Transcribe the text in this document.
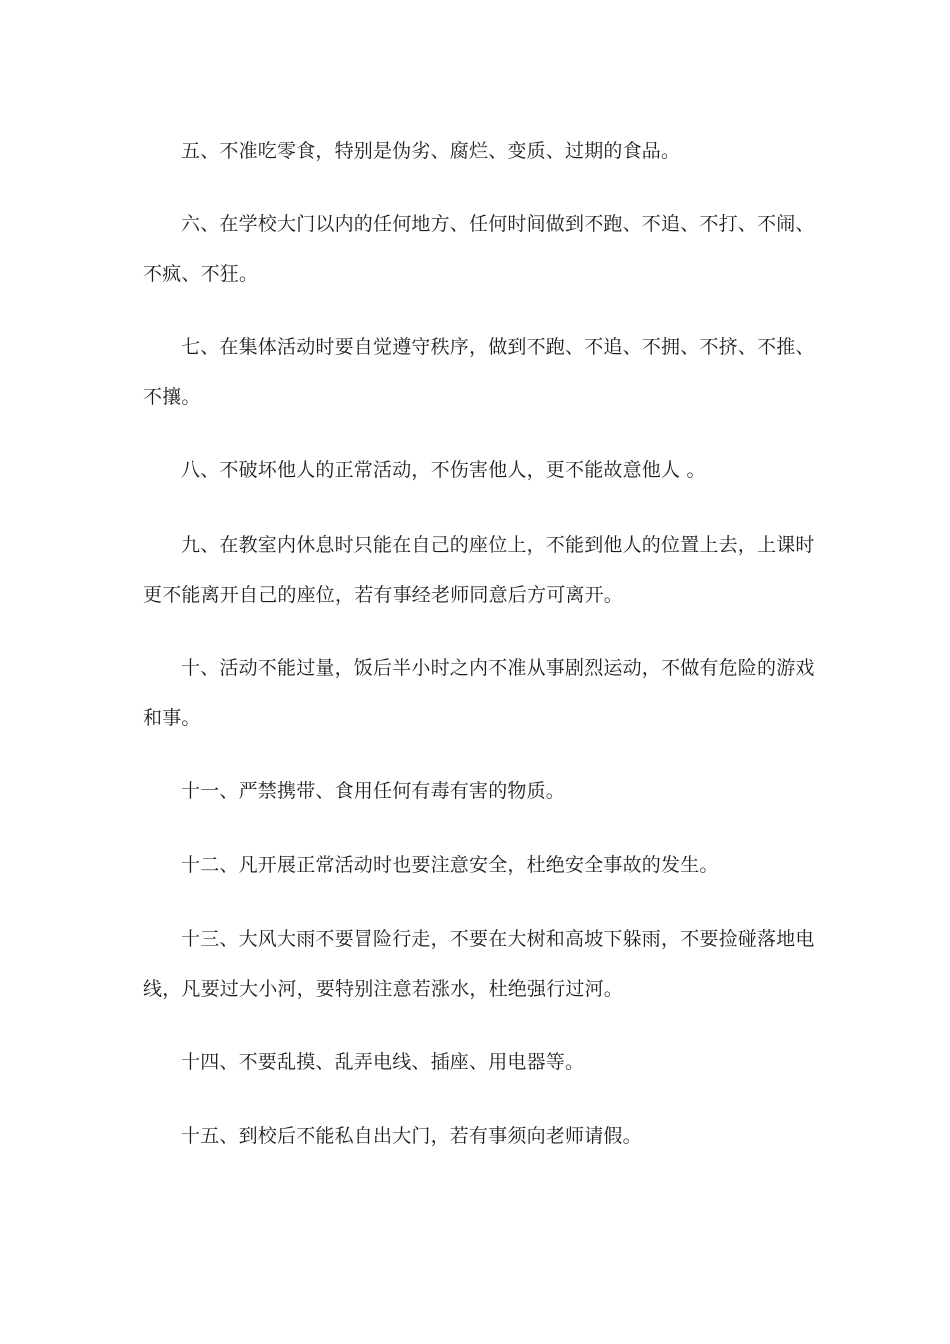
五、不准吃零食，特别是伪劣、腐烂、变质、过期的食品。

六、在学校大门以内的任何地方、任何时间做到不跑、不追、不打、不闹、不疯、不狂。

七、在集体活动时要自觉遵守秩序，做到不跑、不追、不拥、不挤、不推、不攘。

八、不破坏他人的正常活动，不伤害他人，更不能故意他人 。

九、在教室内休息时只能在自己的座位上，不能到他人的位置上去，上课时更不能离开自己的座位，若有事经老师同意后方可离开。

十、活动不能过量，饭后半小时之内不准从事剧烈运动，不做有危险的游戏和事。

十一、严禁携带、食用任何有毒有害的物质。

十二、凡开展正常活动时也要注意安全，杜绝安全事故的发生。

十三、大风大雨不要冒险行走，不要在大树和高坡下躲雨，不要捡碰落地电线，凡要过大小河，要特别注意若涨水，杜绝强行过河。

十四、不要乱摸、乱弄电线、插座、用电器等。

十五、到校后不能私自出大门，若有事须向老师请假。
